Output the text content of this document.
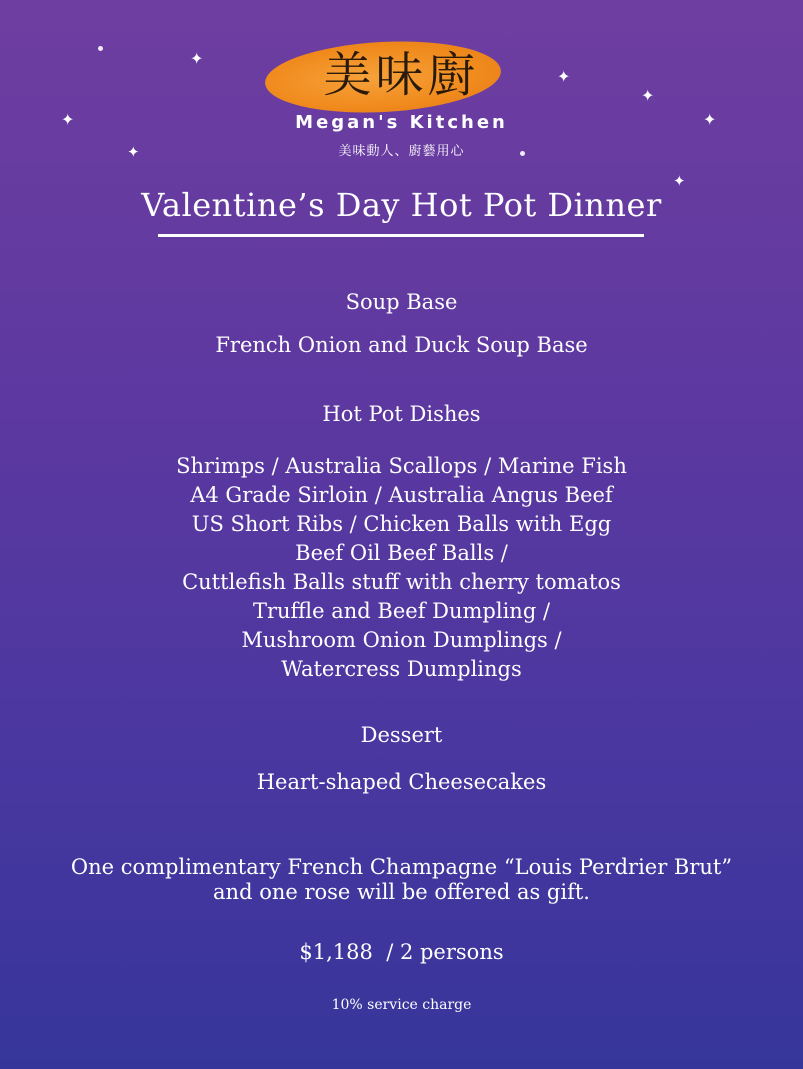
✦
✦
✦
✦
✦
✦
✦
美味廚
Megan's Kitchen
美味動人、廚藝用心
Valentine’s Day Hot Pot Dinner
Soup Base
French Onion and Duck Soup Base
Hot Pot Dishes
Shrimps / Australia Scallops / Marine Fish
A4 Grade Sirloin / Australia Angus Beef
US Short Ribs / Chicken Balls with Egg
Beef Oil Beef Balls /
Cuttlefish Balls stuff with cherry tomatos
Truffle and Beef Dumpling /
Mushroom Onion Dumplings /
Watercress Dumplings
Dessert
Heart-shaped Cheesecakes
One complimentary French Champagne “Louis Perdrier Brut”
and one rose will be offered as gift.
$1,188  / 2 persons
10% service charge
